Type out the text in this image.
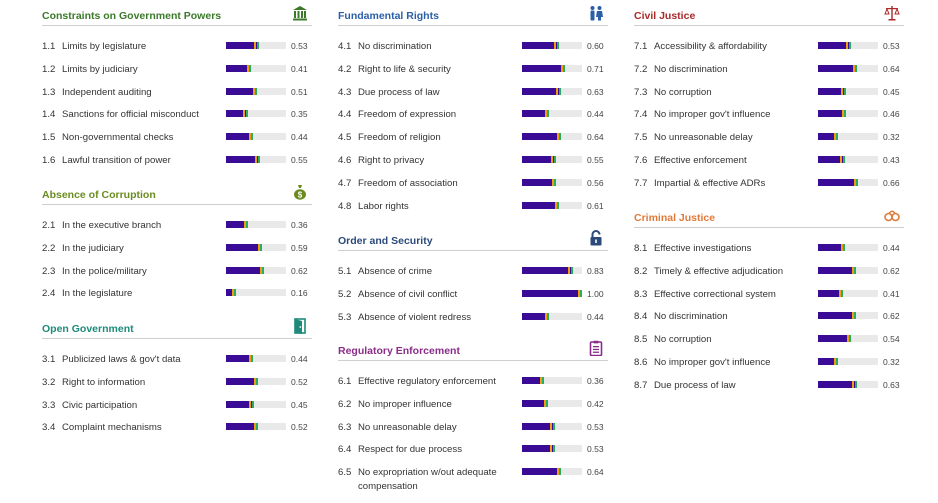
Constraints on Government Powers
1.1 Limits by legislature	0.53
1.2 Limits by judiciary	0.41
1.3 Independent auditing	0.51
1.4 Sanctions for official misconduct	0.35
1.5 Non-governmental checks	0.44
1.6 Lawful transition of power	0.55
Absence of Corruption	$
2.1 In the executive branch	0.36
2.2 In the judiciary	0.59
2.3 In the police/military	0.62
2.4 In the legislature	0.16
Open Government
3.1 Publicized laws & gov't data	0.44
3.2 Right to information	0.52
3.3 Civic participation	0.45
3.4 Complaint mechanisms	0.52
Fundamental Rights
4.1 No discrimination	0.60
4.2 Right to life & security	0.71
4.3 Due process of law	0.63
4.4 Freedom of expression	0.44
4.5 Freedom of religion	0.64
4.6 Right to privacy	0.55
4.7 Freedom of association	0.56
4.8 Labor rights	0.61
Order and Security
5.1 Absence of crime	0.83
5.2 Absence of civil conflict	1.00
5.3 Absence of violent redress	0.44
Regulatory Enforcement
6.1 Effective regulatory enforcement	0.36
6.2 No improper influence	0.42
6.3 No unreasonable delay	0.53
6.4 Respect for due process	0.53
6.5 No expropriation w/out adequate compensation
0.64
Civil Justice
7.1 Accessibility & affordability	0.53
7.2 No discrimination	0.64
7.3 No corruption	0.45
7.4 No improper gov't influence	0.46
7.5 No unreasonable delay	0.32
7.6 Effective enforcement	0.43
7.7 Impartial & effective ADRs	0.66
Criminal Justice
8.1 Effective investigations	0.44
8.2 Timely & effective adjudication	0.62
8.3 Effective correctional system	0.41
8.4 No discrimination	0.62
8.5 No corruption	0.54
8.6 No improper gov't influence	0.32
8.7 Due process of law	0.63
